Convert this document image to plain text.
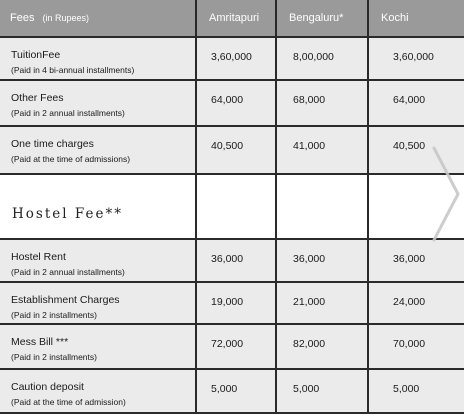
Fees (in Rupees)	Amritapuri	Bengaluru*	Kochi

TuitionFee
(Paid in 4 bi-annual installments)	3,60,000	8,00,000	3,60,000

Other Fees
(Paid in 2 annual installments)	64,000	68,000	64,000

One time charges
(Paid at the time of admissions)	40,500	41,000	40,500

Hostel Fee**			

Hostel Rent
(Paid in 2 annual installments)	36,000	36,000	36,000

Establishment Charges
(Paid in 2 installments)	19,000	21,000	24,000

Mess Bill ***
(Paid in 2 installments)	72,000	82,000	70,000

Caution deposit
(Paid at the time of admission)	5,000	5,000	5,000
